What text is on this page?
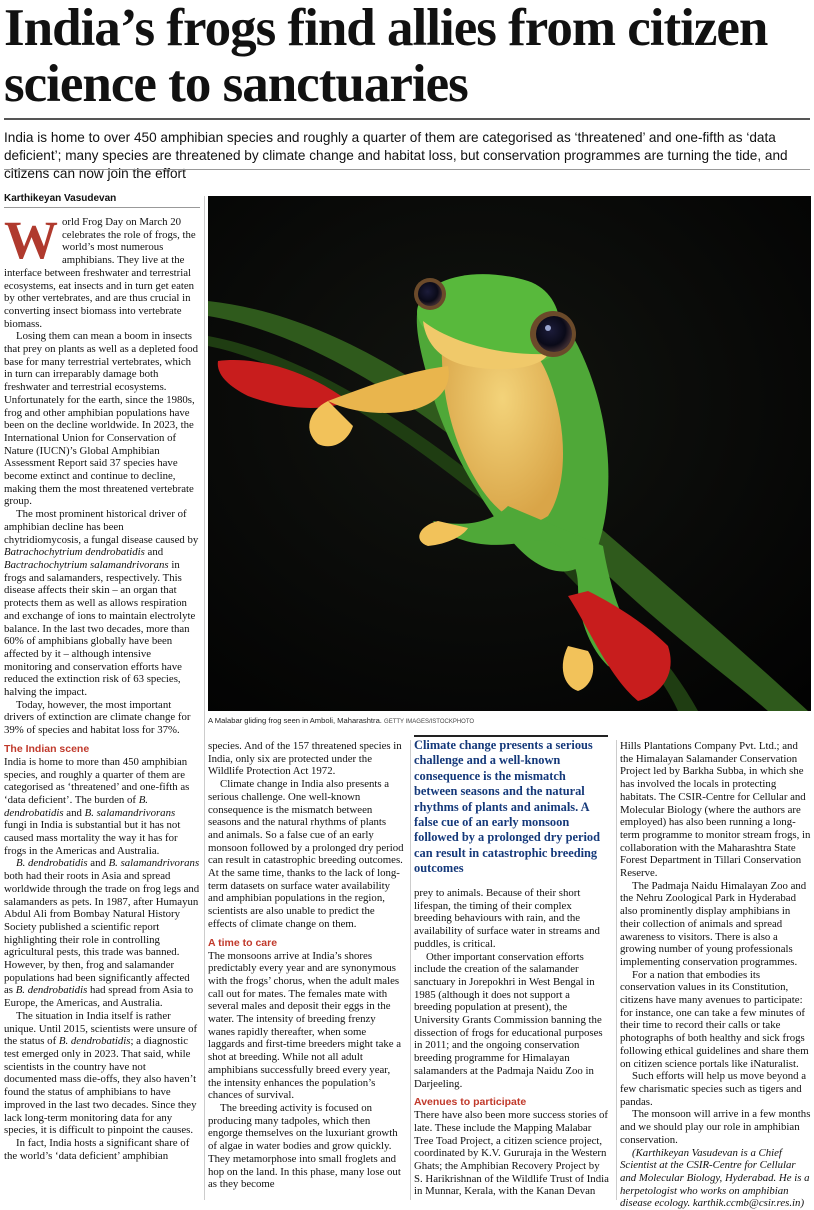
India’s frogs find allies from citizen science to sanctuaries

India is home to over 450 amphibian species and roughly a quarter of them are categorised as ‘threatened’ and one-fifth as ‘data deficient’; many species are threatened by climate change and habitat loss, but conservation programmes are turning the tide, and citizens can now join the effort

Karthikeyan Vasudevan

World Frog Day on March 20 celebrates the role of frogs, the world’s most numerous amphibians. They live at the interface between freshwater and terrestrial ecosystems, eat insects and in turn get eaten by other vertebrates, and are thus crucial in converting insect biomass into vertebrate biomass.

Losing them can mean a boom in insects that prey on plants as well as a depleted food base for many terrestrial vertebrates, which in turn can irreparably damage both freshwater and terrestrial ecosystems. Unfortunately for the earth, since the 1980s, frog and other amphibian populations have been on the decline worldwide. In 2023, the International Union for Conservation of Nature (IUCN)’s Global Amphibian Assessment Report said 37 species have become extinct and continue to decline, making them the most threatened vertebrate group.

The most prominent historical driver of amphibian decline has been chytridiomycosis, a fungal disease caused by Batrachochytrium dendrobatidis and Bactrachochytrium salamandrivorans in frogs and salamanders, respectively. This disease affects their skin – an organ that protects them as well as allows respiration and exchange of ions to maintain electrolyte balance. In the last two decades, more than 60% of amphibians globally have been affected by it – although intensive monitoring and conservation efforts have reduced the extinction risk of 63 species, halving the impact.

Today, however, the most important drivers of extinction are climate change for 39% of species and habitat loss for 37%.

The Indian scene

India is home to more than 450 amphibian species, and roughly a quarter of them are categorised as ‘threatened’ and one-fifth as ‘data deficient’. The burden of B. dendrobatidis and B. salamandrivorans fungi in India is substantial but it has not caused mass mortality the way it has for frogs in the Americas and Australia.

B. dendrobatidis and B. salamandrivorans both had their roots in Asia and spread worldwide through the trade on frog legs and salamanders as pets. In 1987, after Humayun Abdul Ali from Bombay Natural History Society published a scientific report highlighting their role in controlling agricultural pests, this trade was banned. However, by then, frog and salamander populations had been significantly affected as B. dendrobatidis had spread from Asia to Europe, the Americas, and Australia.

The situation in India itself is rather unique. Until 2015, scientists were unsure of the status of B. dendrobatidis; a diagnostic test emerged only in 2023. That said, while scientists in the country have not documented mass die-offs, they also haven’t found the status of amphibians to have improved in the last two decades. Since they lack long-term monitoring data for any species, it is difficult to pinpoint the causes.

In fact, India hosts a significant share of the world’s ‘data deficient’ amphibian

A Malabar gliding frog seen in Amboli, Maharashtra. GETTY IMAGES/ISTOCKPHOTO

species. And of the 157 threatened species in India, only six are protected under the Wildlife Protection Act 1972.

Climate change in India also presents a serious challenge. One well-known consequence is the mismatch between seasons and the natural rhythms of plants and animals. So a false cue of an early monsoon followed by a prolonged dry period can result in catastrophic breeding outcomes. At the same time, thanks to the lack of long-term datasets on surface water availability and amphibian populations in the region, scientists are also unable to predict the effects of climate change on them.

A time to care

The monsoons arrive at India’s shores predictably every year and are synonymous with the frogs’ chorus, when the adult males call out for mates. The females mate with several males and deposit their eggs in the water. The intensity of breeding frenzy wanes rapidly thereafter, when some laggards and first-time breeders might take a shot at breeding. While not all adult amphibians successfully breed every year, the intensity enhances the population’s chances of survival.

The breeding activity is focused on producing many tadpoles, which then engorge themselves on the luxuriant growth of algae in water bodies and grow quickly. They metamorphose into small froglets and hop on the land. In this phase, many lose out as they become

Climate change presents a serious challenge and a well-known consequence is the mismatch between seasons and the natural rhythms of plants and animals. A false cue of an early monsoon followed by a prolonged dry period can result in catastrophic breeding outcomes

prey to animals. Because of their short lifespan, the timing of their complex breeding behaviours with rain, and the availability of surface water in streams and puddles, is critical.

Other important conservation efforts include the creation of the salamander sanctuary in Jorepokhri in West Bengal in 1985 (although it does not support a breeding population at present), the University Grants Commission banning the dissection of frogs for educational purposes in 2011; and the ongoing conservation breeding programme for Himalayan salamanders at the Padmaja Naidu Zoo in Darjeeling.

Avenues to participate

There have also been more success stories of late. These include the Mapping Malabar Tree Toad Project, a citizen science project, coordinated by K.V. Gururaja in the Western Ghats; the Amphibian Recovery Project by S. Harikrishnan of the Wildlife Trust of India in Munnar, Kerala, with the Kanan Devan

Hills Plantations Company Pvt. Ltd.; and the Himalayan Salamander Conservation Project led by Barkha Subba, in which she has involved the locals in protecting habitats. The CSIR-Centre for Cellular and Molecular Biology (where the authors are employed) has also been running a long-term programme to monitor stream frogs, in collaboration with the Maharashtra State Forest Department in Tillari Conservation Reserve.

The Padmaja Naidu Himalayan Zoo and the Nehru Zoological Park in Hyderabad also prominently display amphibians in their collection of animals and spread awareness to visitors. There is also a growing number of young professionals implementing conservation programmes.

For a nation that embodies its conservation values in its Constitution, citizens have many avenues to participate: for instance, one can take a few minutes of their time to record their calls or take photographs of both healthy and sick frogs following ethical guidelines and share them on citizen science portals like iNaturalist.

Such efforts will help us move beyond a few charismatic species such as tigers and pandas.

The monsoon will arrive in a few months and we should play our role in amphibian conservation.

(Karthikeyan Vasudevan is a Chief Scientist at the CSIR-Centre for Cellular and Molecular Biology, Hyderabad. He is a herpetologist who works on amphibian disease ecology. karthik.ccmb@csir.res.in)
